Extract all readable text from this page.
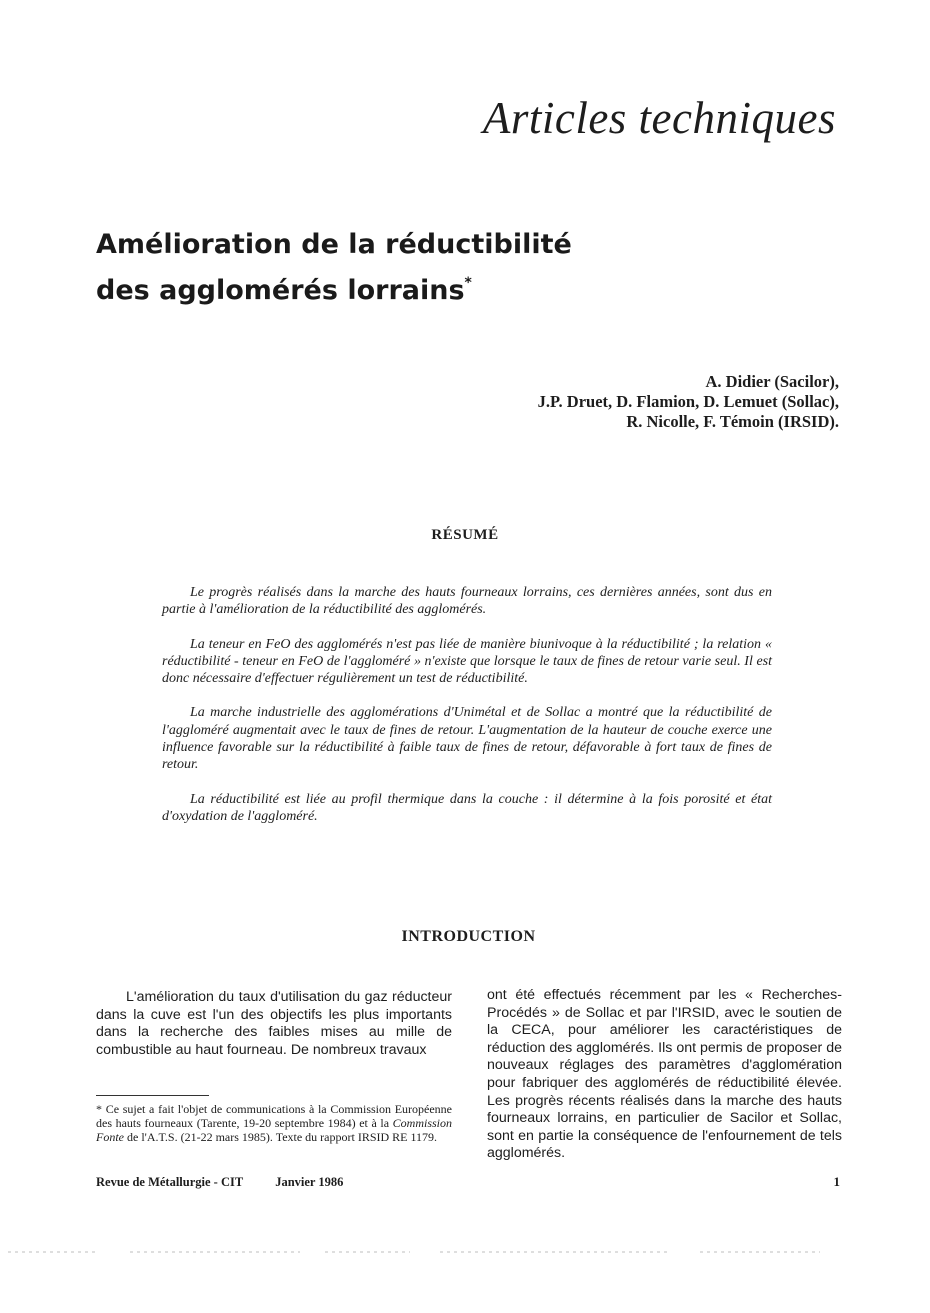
Articles techniques
Amélioration de la réductibilité
des agglomérés lorrains*
A. Didier (Sacilor),
J.P. Druet, D. Flamion, D. Lemuet (Sollac),
R. Nicolle, F. Témoin (IRSID).
RÉSUMÉ

Le progrès réalisés dans la marche des hauts fourneaux lorrains, ces dernières années, sont dus en partie à l'amélioration de la réductibilité des agglomérés.

La teneur en FeO des agglomérés n'est pas liée de manière biunivoque à la réductibilité ; la relation « réductibilité - teneur en FeO de l'aggloméré » n'existe que lorsque le taux de fines de retour varie seul. Il est donc nécessaire d'effectuer régulièrement un test de réductibilité.

La marche industrielle des agglomérations d'Unimétal et de Sollac a montré que la réductibilité de l'aggloméré augmentait avec le taux de fines de retour. L'augmentation de la hauteur de couche exerce une influence favorable sur la réductibilité à faible taux de fines de retour, défavorable à fort taux de fines de retour.

La réductibilité est liée au profil thermique dans la couche : il détermine à la fois porosité et état d'oxydation de l'aggloméré.

INTRODUCTION

L'amélioration du taux d'utilisation du gaz réducteur dans la cuve est l'un des objectifs les plus importants dans la recherche des faibles mises au mille de combustible au haut fourneau. De nombreux travaux

ont été effectués récemment par les « Recherches-Procédés » de Sollac et par l'IRSID, avec le soutien de la CECA, pour améliorer les caractéristiques de réduction des agglomérés. Ils ont permis de proposer de nouveaux réglages des paramètres d'agglomération pour fabriquer des agglomérés de réductibilité élevée. Les progrès récents réalisés dans la marche des hauts fourneaux lorrains, en particulier de Sacilor et Sollac, sont en partie la conséquence de l'enfournement de tels agglomérés.

* Ce sujet a fait l'objet de communications à la Commission Européenne des hauts fourneaux (Tarente, 19-20 septembre 1984) et à la Commission Fonte de l'A.T.S. (21-22 mars 1985). Texte du rapport IRSID RE 1179.

Revue de Métallurgie - CIT	Janvier 1986	1
